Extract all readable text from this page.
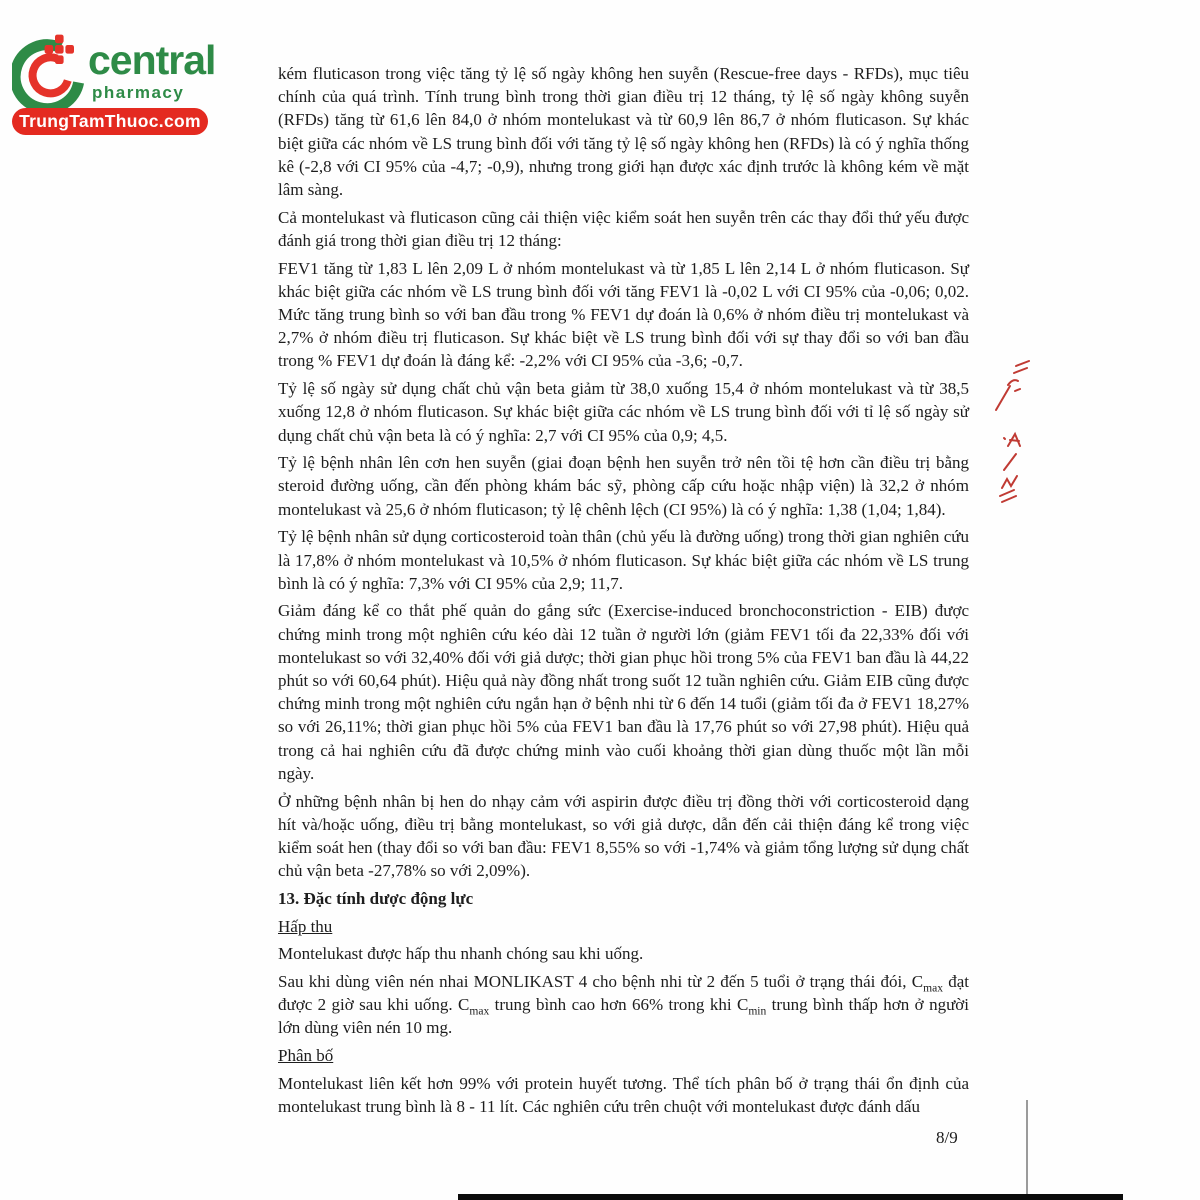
central
pharmacy
TrungTamThuoc.com

kém fluticason trong việc tăng tỷ lệ số ngày không hen suyễn (Rescue-free days - RFDs), mục tiêu chính của quá trình. Tính trung bình trong thời gian điều trị 12 tháng, tỷ lệ số ngày không suyễn (RFDs) tăng từ 61,6 lên 84,0 ở nhóm montelukast và từ 60,9 lên 86,7 ở nhóm fluticason. Sự khác biệt giữa các nhóm về LS trung bình đối với tăng tỷ lệ số ngày không hen (RFDs) là có ý nghĩa thống kê (-2,8 với CI 95% của -4,7; -0,9), nhưng trong giới hạn được xác định trước là không kém về mặt lâm sàng.

Cả montelukast và fluticason cũng cải thiện việc kiểm soát hen suyễn trên các thay đổi thứ yếu được đánh giá trong thời gian điều trị 12 tháng:

FEV1 tăng từ 1,83 L lên 2,09 L ở nhóm montelukast và từ 1,85 L lên 2,14 L ở nhóm fluticason. Sự khác biệt giữa các nhóm về LS trung bình đối với tăng FEV1 là -0,02 L với CI 95% của -0,06; 0,02. Mức tăng trung bình so với ban đầu trong % FEV1 dự đoán là 0,6% ở nhóm điều trị montelukast và 2,7% ở nhóm điều trị fluticason. Sự khác biệt về LS trung bình đối với sự thay đổi so với ban đầu trong % FEV1 dự đoán là đáng kể: -2,2% với CI 95% của -3,6; -0,7.

Tỷ lệ số ngày sử dụng chất chủ vận beta giảm từ 38,0 xuống 15,4 ở nhóm montelukast và từ 38,5 xuống 12,8 ở nhóm fluticason. Sự khác biệt giữa các nhóm về LS trung bình đối với tỉ lệ số ngày sử dụng chất chủ vận beta là có ý nghĩa: 2,7 với CI 95% của 0,9; 4,5.

Tỷ lệ bệnh nhân lên cơn hen suyễn (giai đoạn bệnh hen suyễn trở nên tồi tệ hơn cần điều trị bằng steroid đường uống, cần đến phòng khám bác sỹ, phòng cấp cứu hoặc nhập viện) là 32,2 ở nhóm montelukast và 25,6 ở nhóm fluticason; tỷ lệ chênh lệch (CI 95%) là có ý nghĩa: 1,38 (1,04; 1,84).

Tỷ lệ bệnh nhân sử dụng corticosteroid toàn thân (chủ yếu là đường uống) trong thời gian nghiên cứu là 17,8% ở nhóm montelukast và 10,5% ở nhóm fluticason. Sự khác biệt giữa các nhóm về LS trung bình là có ý nghĩa: 7,3% với CI 95% của 2,9; 11,7.

Giảm đáng kể co thắt phế quản do gắng sức (Exercise-induced bronchoconstriction - EIB) được chứng minh trong một nghiên cứu kéo dài 12 tuần ở người lớn (giảm FEV1 tối đa 22,33% đối với montelukast so với 32,40% đối với giả dược; thời gian phục hồi trong 5% của FEV1 ban đầu là 44,22 phút so với 60,64 phút). Hiệu quả này đồng nhất trong suốt 12 tuần nghiên cứu. Giảm EIB cũng được chứng minh trong một nghiên cứu ngắn hạn ở bệnh nhi từ 6 đến 14 tuổi (giảm tối đa ở FEV1 18,27% so với 26,11%; thời gian phục hồi 5% của FEV1 ban đầu là 17,76 phút so với 27,98 phút). Hiệu quả trong cả hai nghiên cứu đã được chứng minh vào cuối khoảng thời gian dùng thuốc một lần mỗi ngày.

Ở những bệnh nhân bị hen do nhạy cảm với aspirin được điều trị đồng thời với corticosteroid dạng hít và/hoặc uống, điều trị bằng montelukast, so với giả dược, dẫn đến cải thiện đáng kể trong việc kiểm soát hen (thay đổi so với ban đầu: FEV1 8,55% so với -1,74% và giảm tổng lượng sử dụng chất chủ vận beta -27,78% so với 2,09%).

13. Đặc tính dược động lực

Hấp thu

Montelukast được hấp thu nhanh chóng sau khi uống.

Sau khi dùng viên nén nhai MONLIKAST 4 cho bệnh nhi từ 2 đến 5 tuổi ở trạng thái đói, $C_{max}$ đạt được 2 giờ sau khi uống. $C_{max}$ trung bình cao hơn 66% trong khi $C_{min}$ trung bình thấp hơn ở người lớn dùng viên nén 10 mg.

Phân bố

Montelukast liên kết hơn 99% với protein huyết tương. Thể tích phân bố ở trạng thái ổn định của montelukast trung bình là 8 - 11 lít. Các nghiên cứu trên chuột với montelukast được đánh dấu

8/9
